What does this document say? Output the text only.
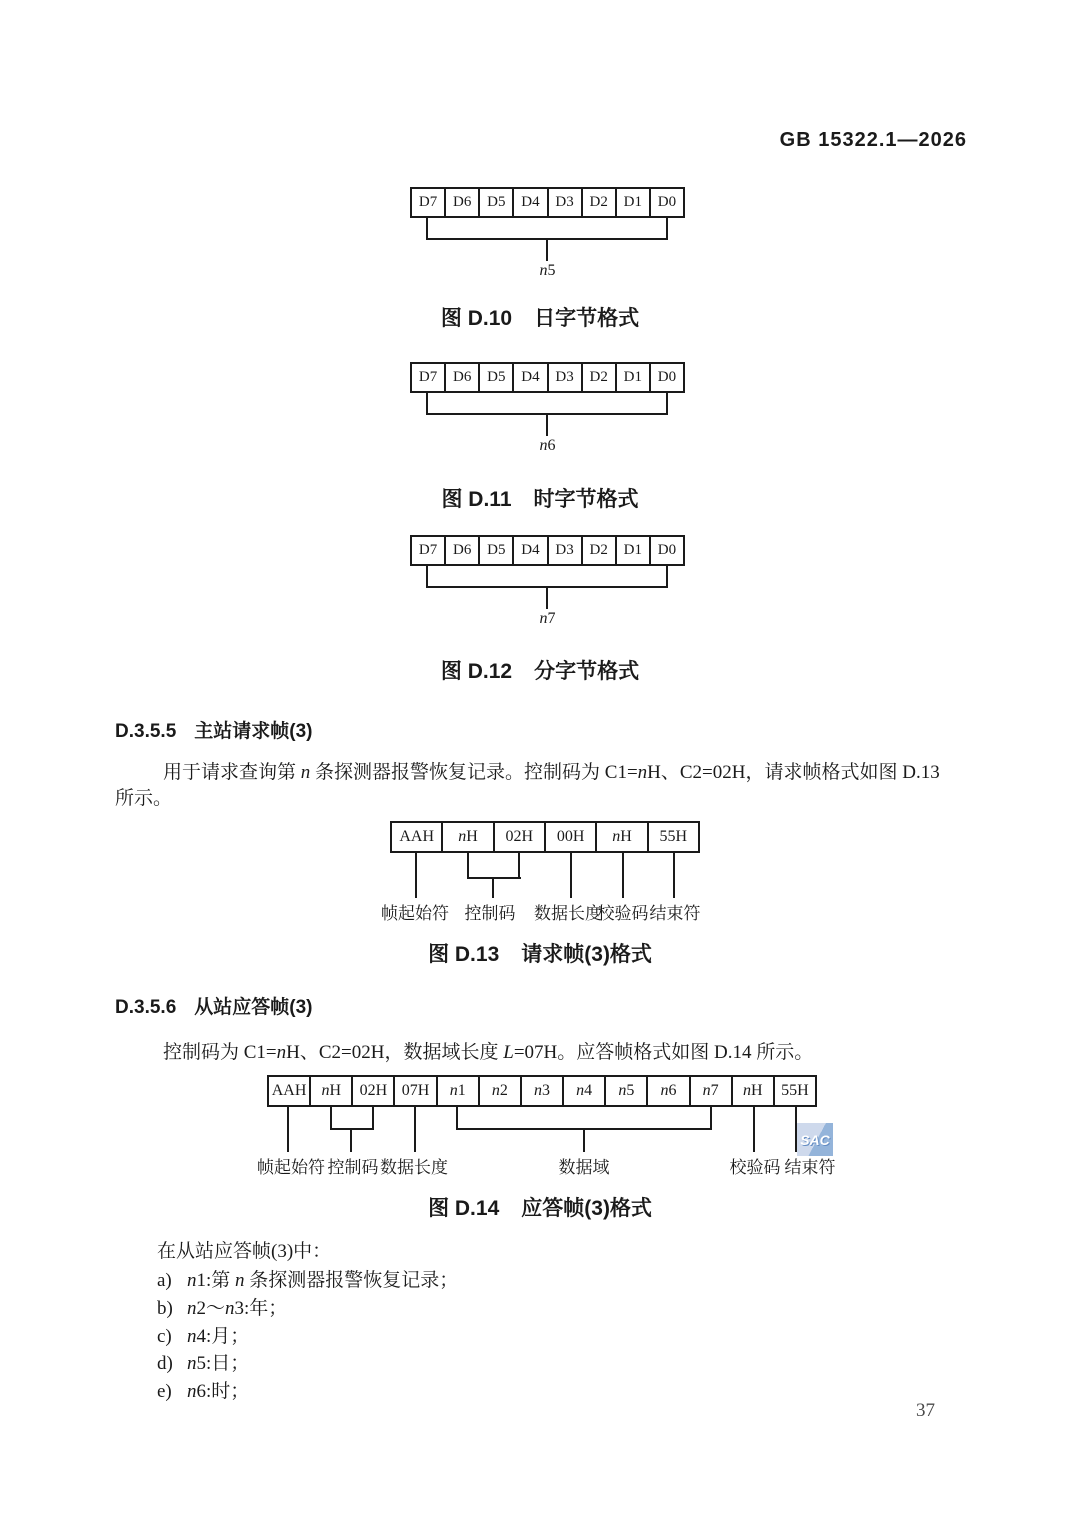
GB 15322.1—2026
D7	D6	D5	D4	D3	D2	D1	D0
n5
图 D.10 日字节格式
D7	D6	D5	D4	D3	D2	D1	D0
n6
图 D.11 时字节格式
D7	D6	D5	D4	D3	D2	D1	D0
n7
图 D.12 分字节格式
D.3.5.5 主站请求帧(3)
用于请求查询第 n 条探测器报警恢复记录。控制码为 C1=nH、C2=02H，请求帧格式如图 D.13
所示。
AAH	n H	02H	00H	n H	55H
帧起始符 控制码 数据长度
校验码 结束符
图 D.13 请求帧(3)格式
D.3.5.6 从站应答帧(3)
控制码为 C1=nH、C2=02H，数据域长度 L=07H。应答帧格式如图 D.14 所示。
SAC
AAH n H	02H 07H	n 1	n 2	n 3	n 4	n 5	n 6	n 7	n H	55H
帧起始符 控制码 数据长度	数据域	校验码 结束符
图 D.14 应答帧(3)格式
在从站应答帧(3)中：
a) n1:第 n 条探测器报警恢复记录；
b) n2～n3:年；
c) n4:月；
d) n5:日；
e) n6:时；
37
